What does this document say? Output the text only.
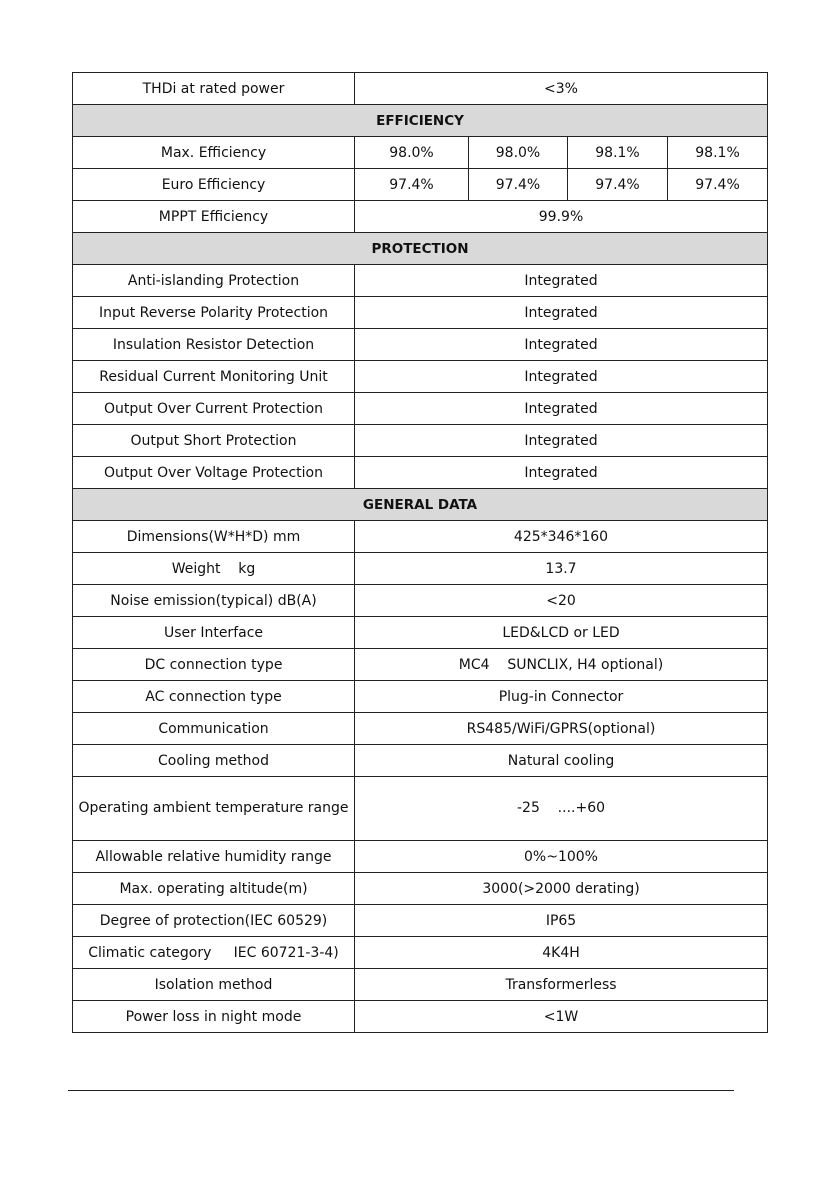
THDi at rated power	<3%			
EFFICIENCY				
Max. Efficiency	98.0%	98.0%	98.1%	98.1%
Euro Efficiency	97.4%	97.4%	97.4%	97.4%
MPPT Efficiency	99.9%			
PROTECTION				
Anti-islanding Protection	Integrated			
Input Reverse Polarity Protection	Integrated			
Insulation Resistor Detection	Integrated			
Residual Current Monitoring Unit	Integrated			
Output Over Current Protection	Integrated			
Output Short Protection	Integrated			
Output Over Voltage Protection	Integrated			
GENERAL DATA				
Dimensions(W*H*D) mm	425*346*160			
Weight    kg	13.7			
Noise emission(typical) dB(A)	<20			
User Interface	LED&LCD or LED			
DC connection type	MC4    SUNCLIX, H4 optional)			
AC connection type	Plug-in Connector			
Communication	RS485/WiFi/GPRS(optional)			
Cooling method	Natural cooling			
Operating ambient temperature range	-25    ....+60			
Allowable relative humidity range	0%~100%			
Max. operating altitude(m)	3000(>2000 derating)			
Degree of protection(IEC 60529)	IP65			
Climatic category     IEC 60721-3-4)	4K4H			
Isolation method	Transformerless			
Power loss in night mode	<1W			
